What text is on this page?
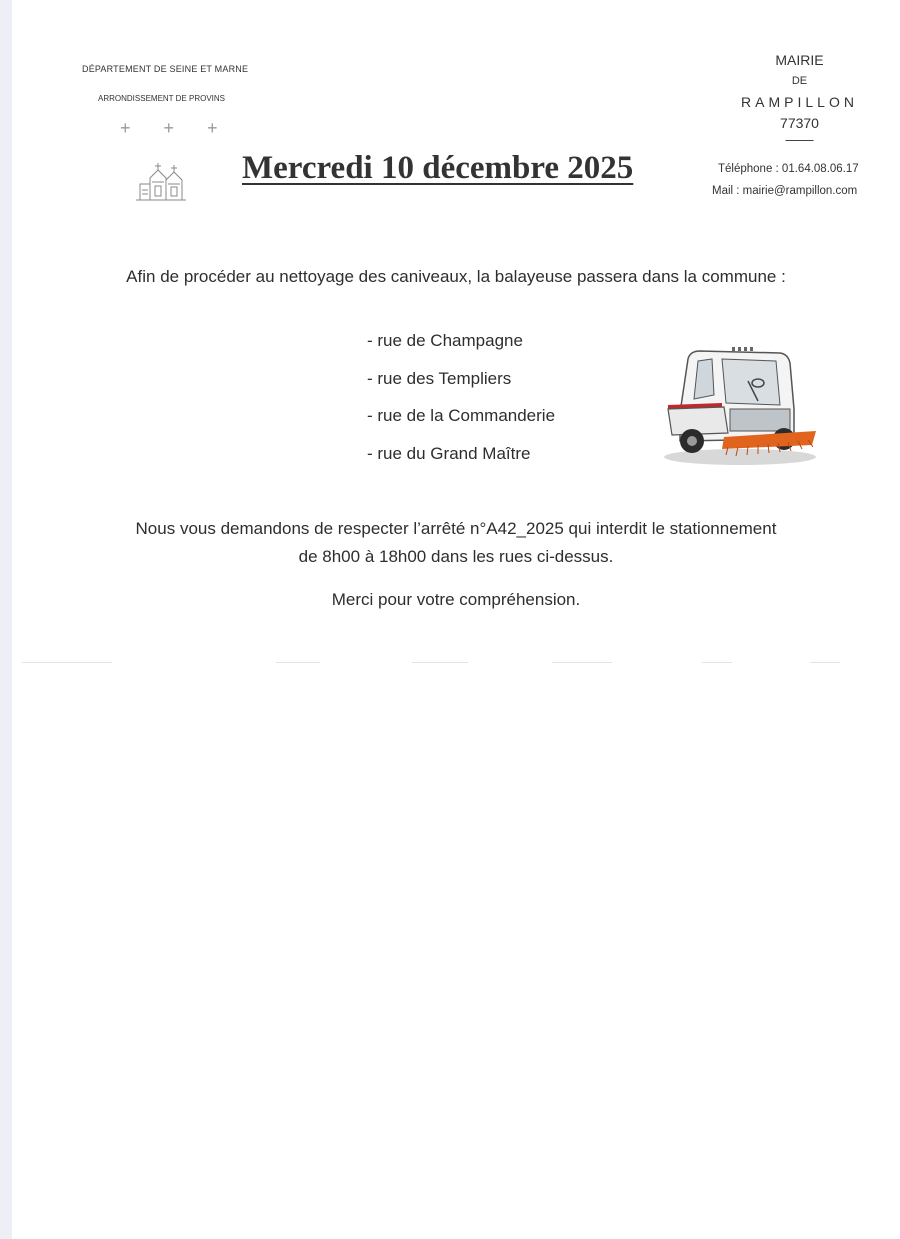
DÉPARTEMENT DE SEINE ET MARNE
ARRONDISSEMENT DE PROVINS
+ + +
Mercredi 10 décembre 2025
MAIRIE
DE
RAMPILLON
77370
——
Téléphone : 01.64.08.06.17
Mail : mairie@rampillon.com
Afin de procéder au nettoyage des caniveaux, la balayeuse passera dans la commune :
- rue de Champagne
- rue des Templiers
- rue de la Commanderie
- rue du Grand Maître
Nous vous demandons de respecter l’arrêté n°A42_2025 qui interdit le stationnement
de 8h00 à 18h00 dans les rues ci-dessus.
Merci pour votre compréhension.
